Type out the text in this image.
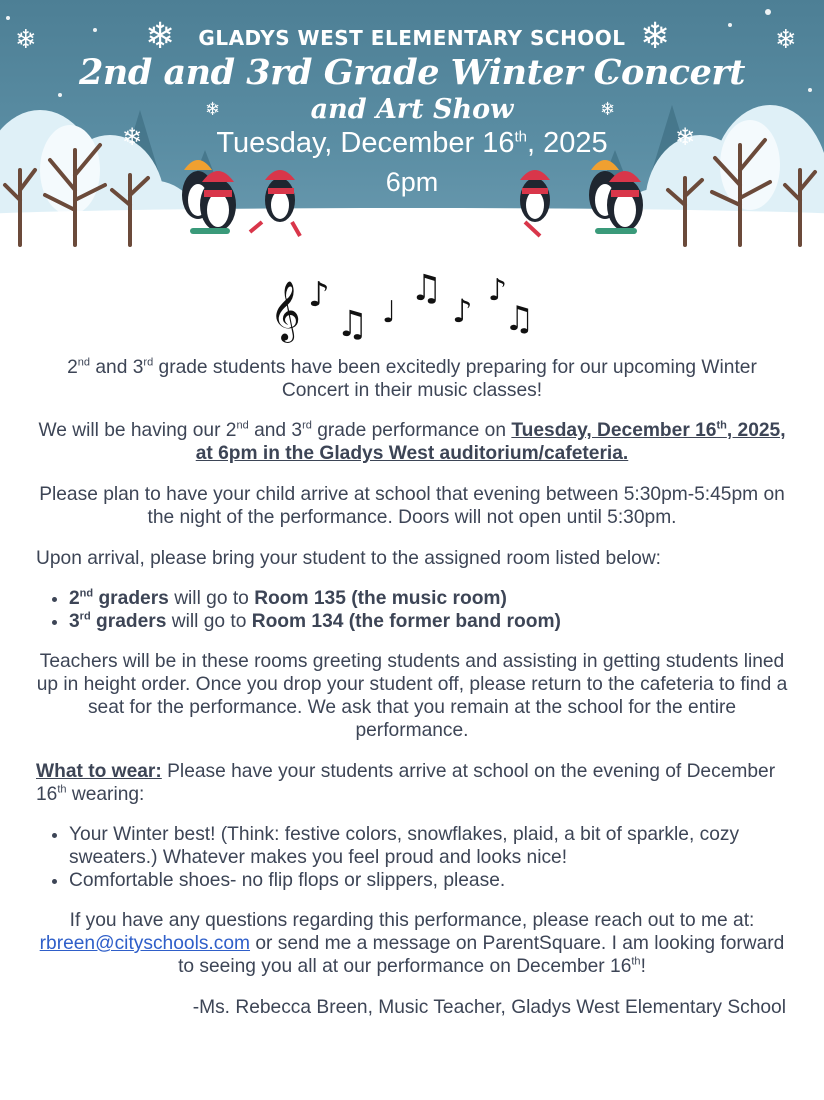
❄	❄	❄	❄
❄
❄	❄
❄
GLADYS WEST ELEMENTARY SCHOOL
2nd and 3rd Grade Winter Concert
and Art Show
Tuesday, December 16th, 2025
6pm
𝄞 ♪
♫ ♩
♫
♪
♪
♫

2nd and 3rd grade students have been excitedly preparing for our upcoming Winter Concert in their music classes!

We will be having our 2nd and 3rd grade performance on Tuesday, December 16th, 2025, at 6pm in the Gladys West auditorium/cafeteria.

Please plan to have your child arrive at school that evening between 5:30pm-5:45pm on the night of the performance. Doors will not open until 5:30pm.

Upon arrival, please bring your student to the assigned room listed below:

• 2nd graders will go to Room 135 (the music room)
• 3rd graders will go to Room 134 (the former band room)

Teachers will be in these rooms greeting students and assisting in getting students lined up in height order. Once you drop your student off, please return to the cafeteria to find a seat for the performance. We ask that you remain at the school for the entire performance.

What to wear: Please have your students arrive at school on the evening of December 16th wearing:

• Your Winter best! (Think: festive colors, snowflakes, plaid, a bit of sparkle, cozy sweaters.) Whatever makes you feel proud and looks nice!
• Comfortable shoes- no flip flops or slippers, please.

If you have any questions regarding this performance, please reach out to me at: rbreen@cityschools.com or send me a message on ParentSquare. I am looking forward to seeing you all at our performance on December 16th!

-Ms. Rebecca Breen, Music Teacher, Gladys West Elementary School
